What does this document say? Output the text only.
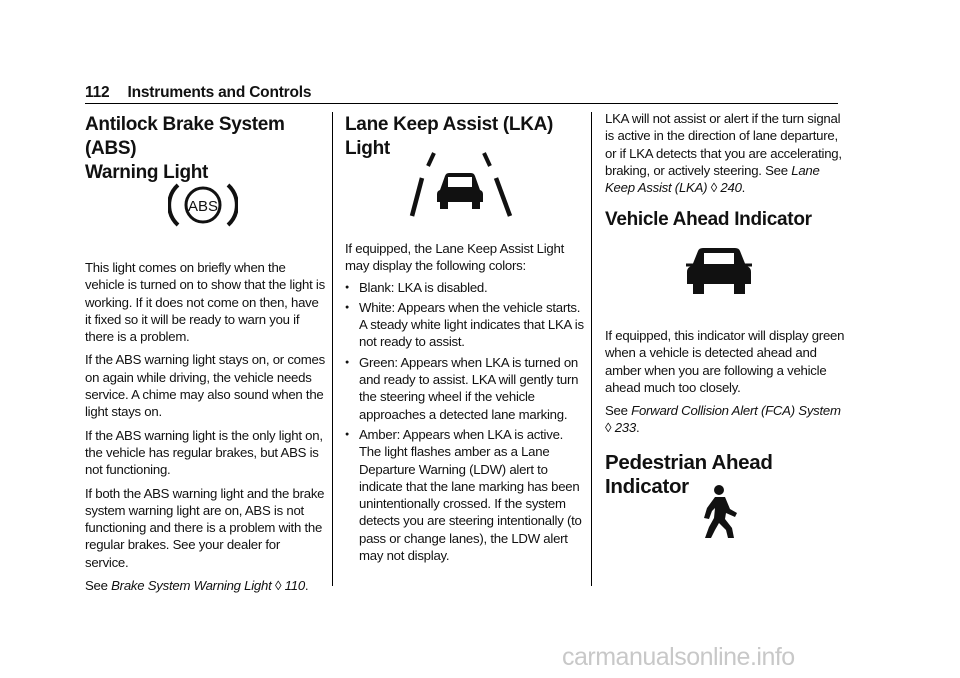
112 Instruments and Controls
Antilock Brake System (ABS)
Warning Light
ABS

This light comes on briefly when the vehicle is turned on to show that the light is working. If it does not come on then, have it fixed so it will be ready to warn you if there is a problem.

If the ABS warning light stays on, or comes on again while driving, the vehicle needs service. A chime may also sound when the light stays on.

If the ABS warning light is the only light on, the vehicle has regular brakes, but ABS is not functioning.

If both the ABS warning light and the brake system warning light are on, ABS is not functioning and there is a problem with the regular brakes. See your dealer for service.

See Brake System Warning Light ◊ 110.

Lane Keep Assist (LKA) Light

If equipped, the Lane Keep Assist Light may display the following colors:

● Blank: LKA is disabled.
● White: Appears when the vehicle starts. A steady white light indicates that LKA is not ready to assist.
● Green: Appears when LKA is turned on and ready to assist. LKA will gently turn the steering wheel if the vehicle approaches a detected lane marking.
● Amber: Appears when LKA is active. The light flashes amber as a Lane Departure Warning (LDW) alert to indicate that the lane marking has been unintentionally crossed. If the system detects you are steering intentionally (to pass or change lanes), the LDW alert may not display.

LKA will not assist or alert if the turn signal is active in the direction of lane departure, or if LKA detects that you are accelerating, braking, or actively steering. See Lane Keep Assist (LKA) ◊ 240.

Vehicle Ahead Indicator

If equipped, this indicator will display green when a vehicle is detected ahead and amber when you are following a vehicle ahead much too closely.

See Forward Collision Alert (FCA) System
◊ 233.

Pedestrian Ahead Indicator
carmanualsonline.info
